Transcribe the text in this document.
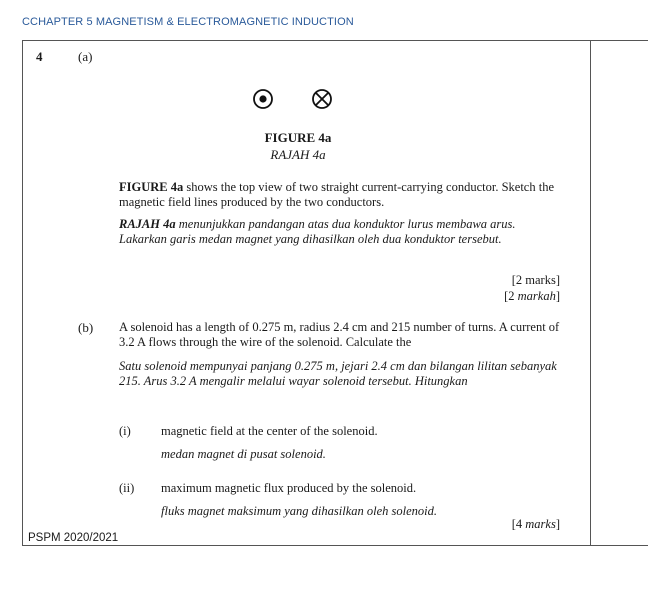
CCHAPTER 5 MAGNETISM & ELECTROMAGNETIC INDUCTION
4	(a)
FIGURE 4a
RAJAH 4a
FIGURE 4a shows the top view of two straight current-carrying conductor. Sketch the magnetic field lines produced by the two conductors.
RAJAH 4a menunjukkan pandangan atas dua konduktor lurus membawa arus. Lakarkan garis medan magnet yang dihasilkan oleh dua konduktor tersebut.
[2 marks]
[2 markah]
(b) A solenoid has a length of 0.275 m, radius 2.4 cm and 215 number of turns. A current of 3.2 A flows through the wire of the solenoid. Calculate the
Satu solenoid mempunyai panjang 0.275 m, jejari 2.4 cm dan bilangan lilitan sebanyak 215. Arus 3.2 A mengalir melalui wayar solenoid tersebut. Hitungkan
(i) magnetic field at the center of the solenoid.
medan magnet di pusat solenoid.
(ii) maximum magnetic flux produced by the solenoid.
fluks magnet maksimum yang dihasilkan oleh solenoid.
[4 marks]
PSPM 2020/2021
